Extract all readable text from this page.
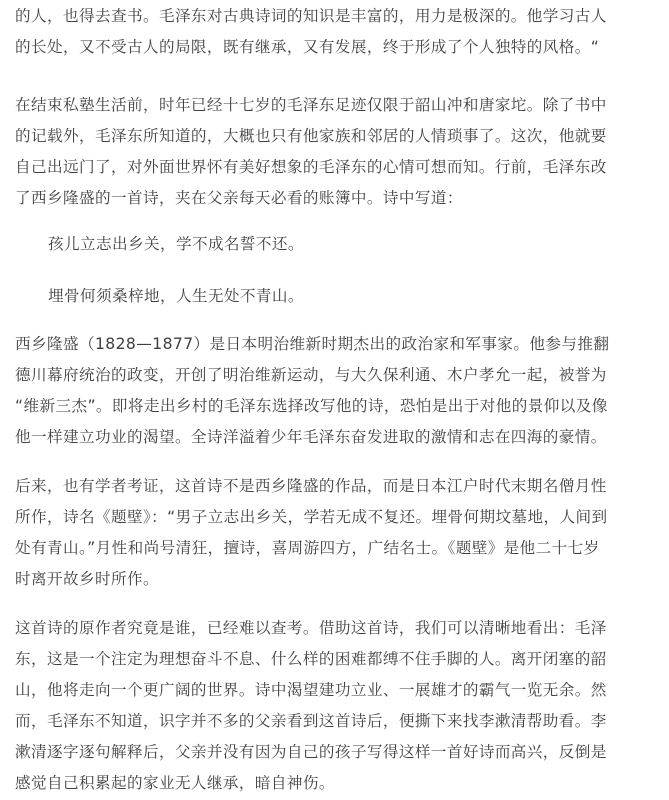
的人，也得去查书。毛泽东对古典诗词的知识是丰富的，用力是极深的。他学习古人
的长处，又不受古人的局限，既有继承，又有发展，终于形成了个人独特的风格。“
在结束私塾生活前，时年已经十七岁的毛泽东足迹仅限于韶山冲和唐家坨。除了书中
的记载外，毛泽东所知道的，大概也只有他家族和邻居的人情琐事了。这次，他就要
自己出远门了，对外面世界怀有美好想象的毛泽东的心情可想而知。行前，毛泽东改
了西乡隆盛的一首诗，夹在父亲每天必看的账簿中。诗中写道：
孩儿立志出乡关，学不成名誓不还。
埋骨何须桑梓地，人生无处不青山。
西乡隆盛（1828—1877）是日本明治维新时期杰出的政治家和军事家。他参与推翻
德川幕府统治的政变，开创了明治维新运动，与大久保利通、木户孝允一起，被誉为
“维新三杰”。即将走出乡村的毛泽东选择改写他的诗，恐怕是出于对他的景仰以及像
他一样建立功业的渴望。全诗洋溢着少年毛泽东奋发进取的激情和志在四海的豪情。
后来，也有学者考证，这首诗不是西乡隆盛的作品，而是日本江户时代末期名僧月性
所作，诗名《题壁》：“男子立志出乡关，学若无成不复还。埋骨何期坟墓地，人间到
处有青山。”月性和尚号清狂，擅诗，喜周游四方，广结名士。《题壁》是他二十七岁
时离开故乡时所作。
这首诗的原作者究竟是谁，已经难以查考。借助这首诗，我们可以清晰地看出：毛泽
东，这是一个注定为理想奋斗不息、什么样的困难都缚不住手脚的人。离开闭塞的韶
山，他将走向一个更广阔的世界。诗中渴望建功立业、一展雄才的霸气一览无余。然
而，毛泽东不知道，识字并不多的父亲看到这首诗后，便撕下来找李漱清帮助看。李
漱清逐字逐句解释后，父亲并没有因为自己的孩子写得这样一首好诗而高兴，反倒是
感觉自己积累起的家业无人继承，暗自神伤。
